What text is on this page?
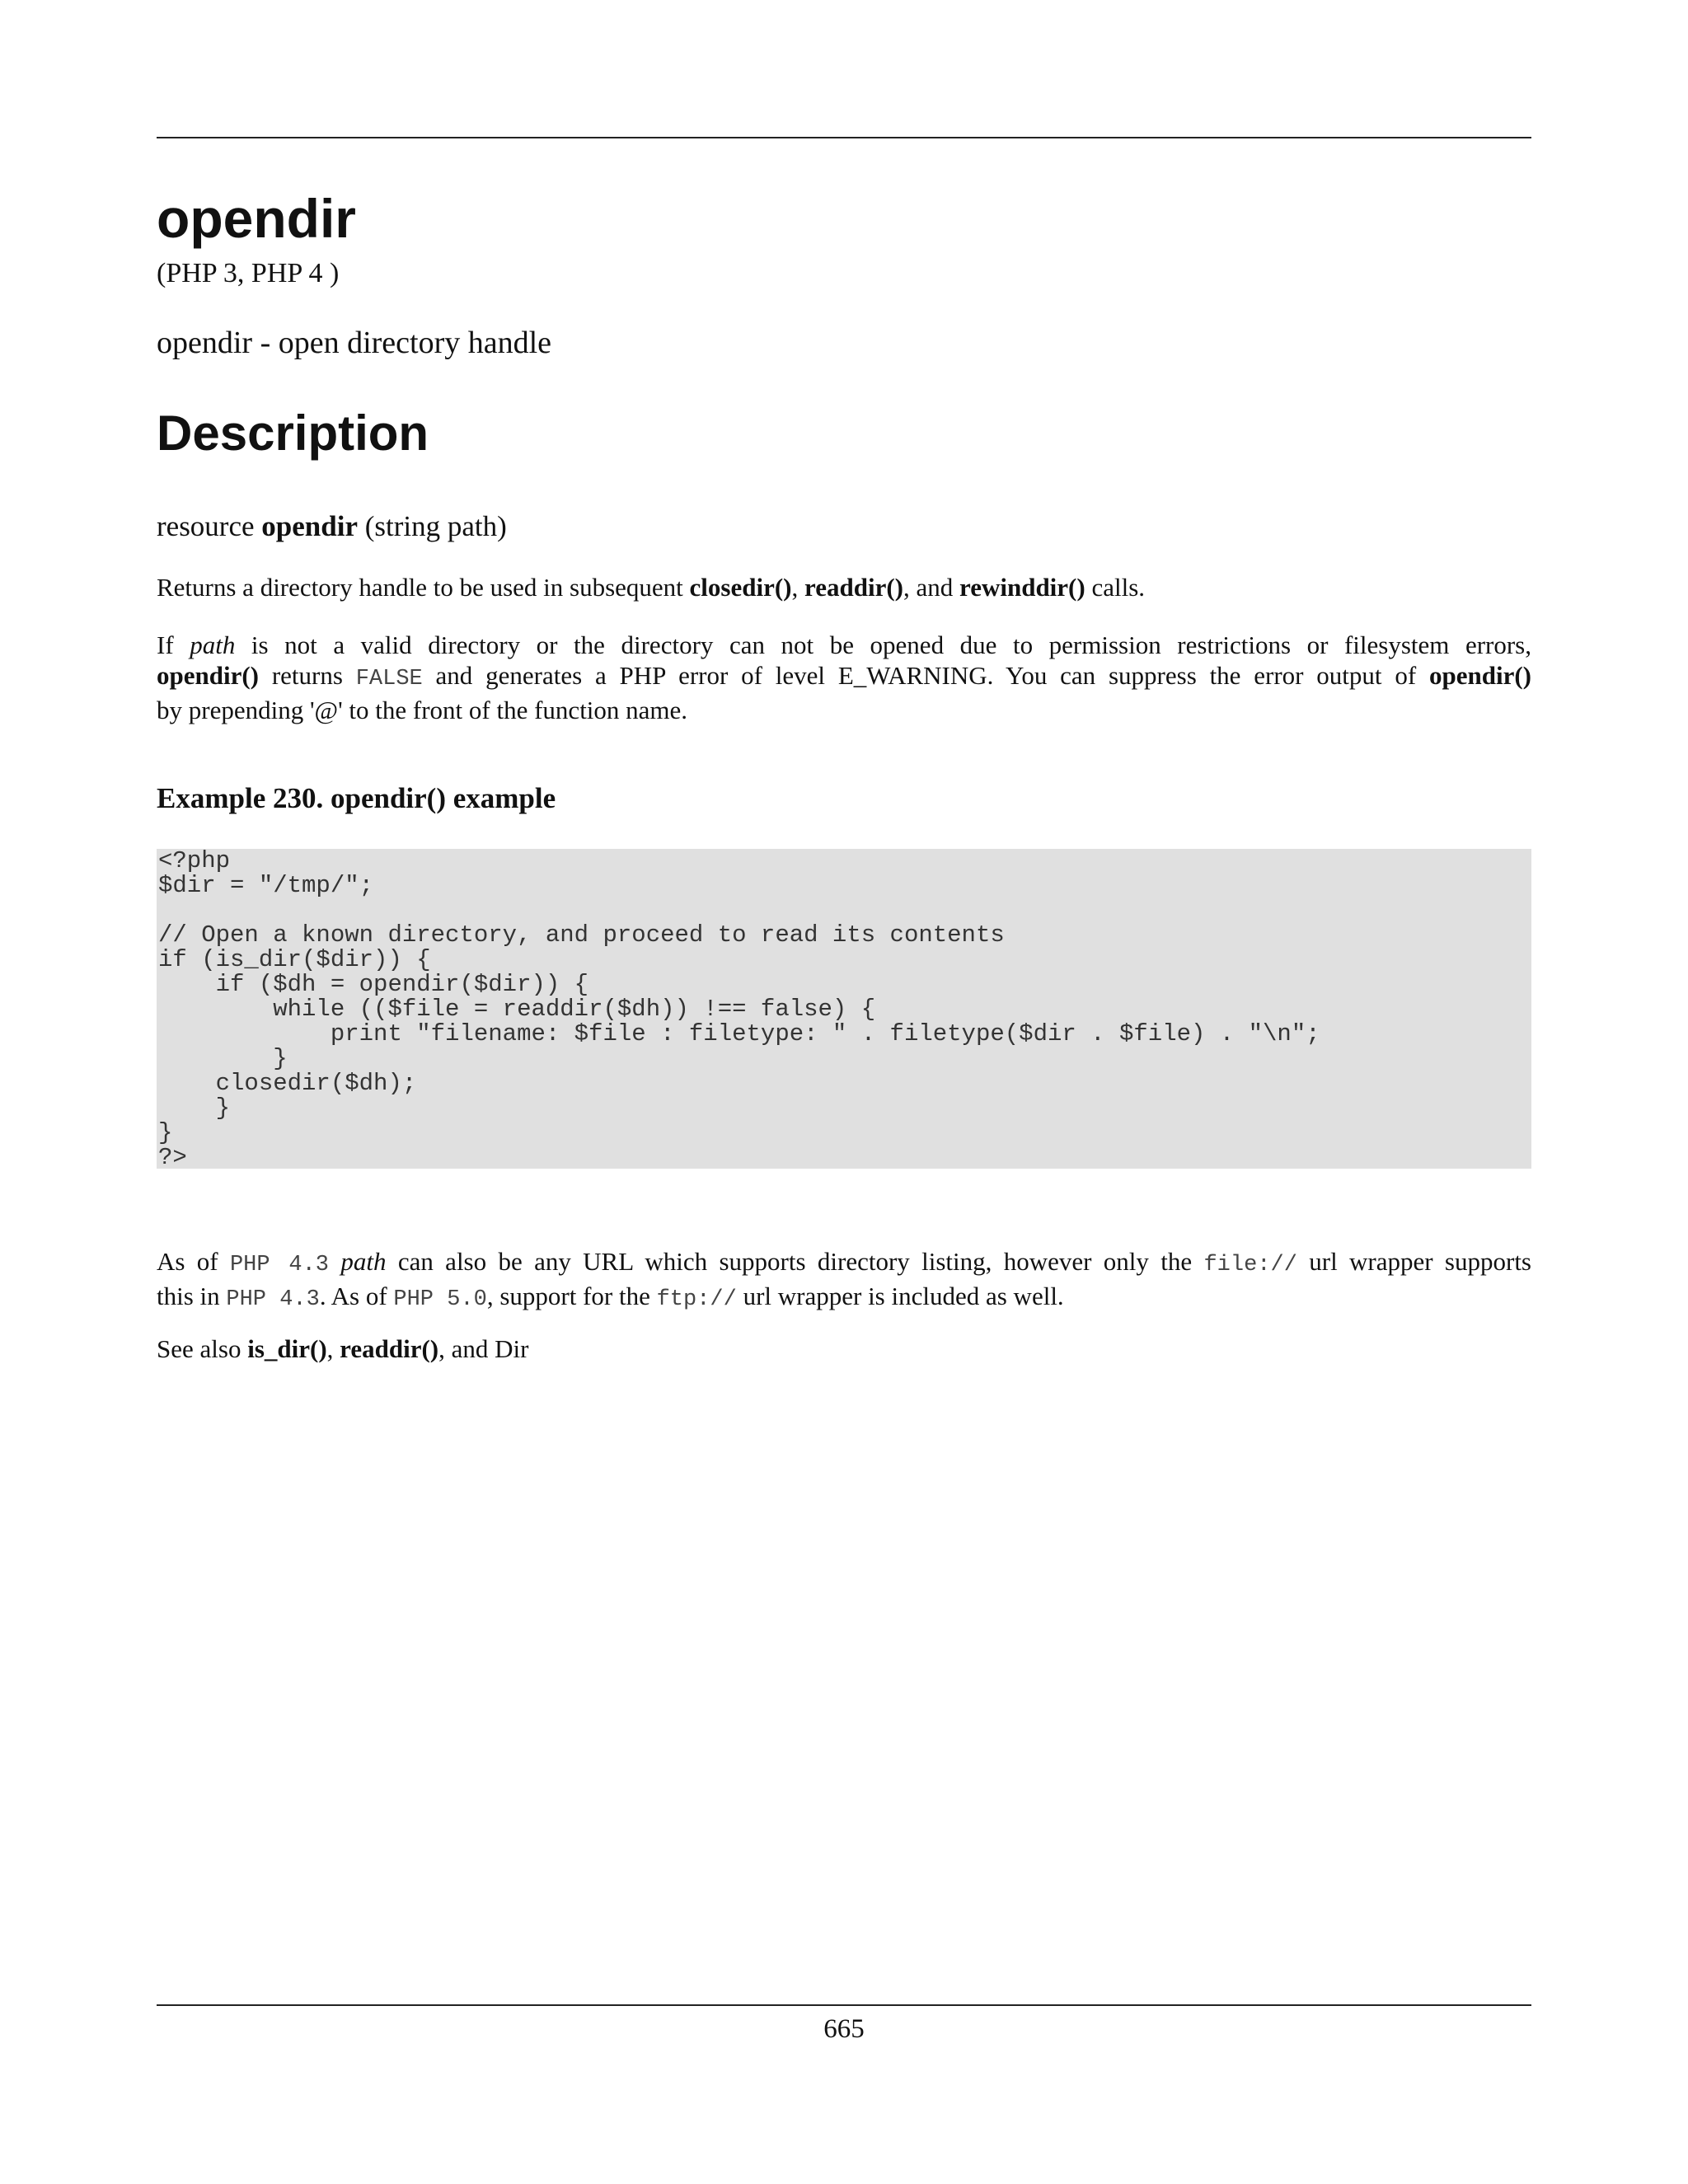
opendir
(PHP 3, PHP 4 )
opendir - open directory handle
Description
resource opendir (string path)
Returns a directory handle to be used in subsequent closedir(), readdir(), and rewinddir() calls.
If path is not a valid directory or the directory can not be opened due to permission restrictions or filesystem errors,
opendir() returns FALSE and generates a PHP error of level E_WARNING. You can suppress the error output of opendir()
by prepending '@' to the front of the function name.
Example 230. opendir() example
<?php
$dir = "/tmp/";

// Open a known directory, and proceed to read its contents
if (is_dir($dir)) {
if ($dh = opendir($dir)) {
while (($file = readdir($dh)) !== false) {
print "filename: $file : filetype: " . filetype($dir . $file) . "\n";
}
closedir($dh);
}
}
?>
As of PHP 4.3 path can also be any URL which supports directory listing, however only the file:// url wrapper supports
this in PHP 4.3. As of PHP 5.0, support for the ftp:// url wrapper is included as well.
See also is_dir(), readdir(), and Dir
665
